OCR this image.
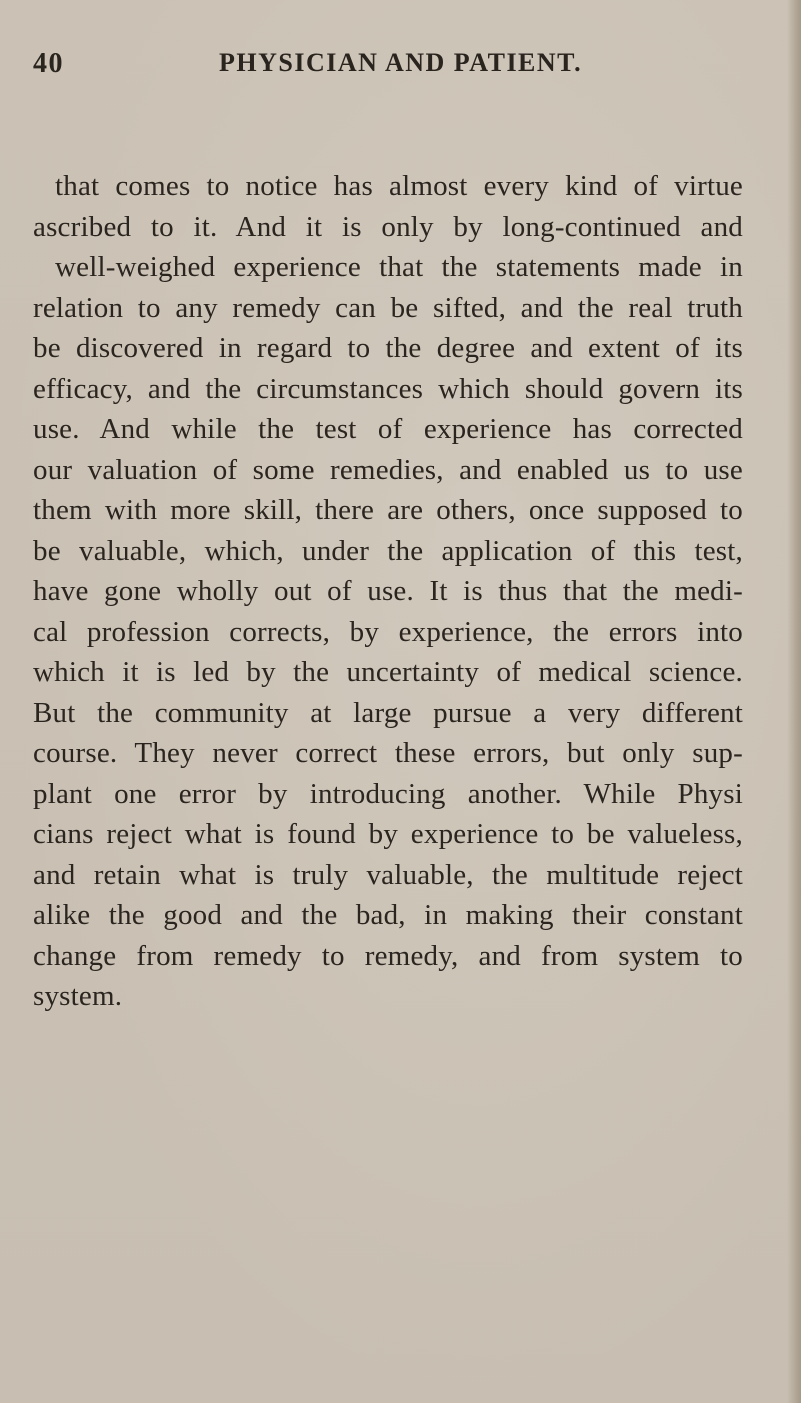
40	PHYSICIAN AND PATIENT.
that comes to notice has almost every kind of virtue
ascribed to it. And it is only by long-continued and
well-weighed experience that the statements made in
relation to any remedy can be sifted, and the real truth
be discovered in regard to the degree and extent of its
efficacy, and the circumstances which should govern its
use. And while the test of experience has corrected
our valuation of some remedies, and enabled us to use
them with more skill, there are others, once supposed to
be valuable, which, under the application of this test,
have gone wholly out of use. It is thus that the medi-
cal profession corrects, by experience, the errors into
which it is led by the uncertainty of medical science.
But the community at large pursue a very different
course. They never correct these errors, but only sup-
plant one error by introducing another. While Physi
cians reject what is found by experience to be valueless,
and retain what is truly valuable, the multitude reject
alike the good and the bad, in making their constant
change from remedy to remedy, and from system to
system.
